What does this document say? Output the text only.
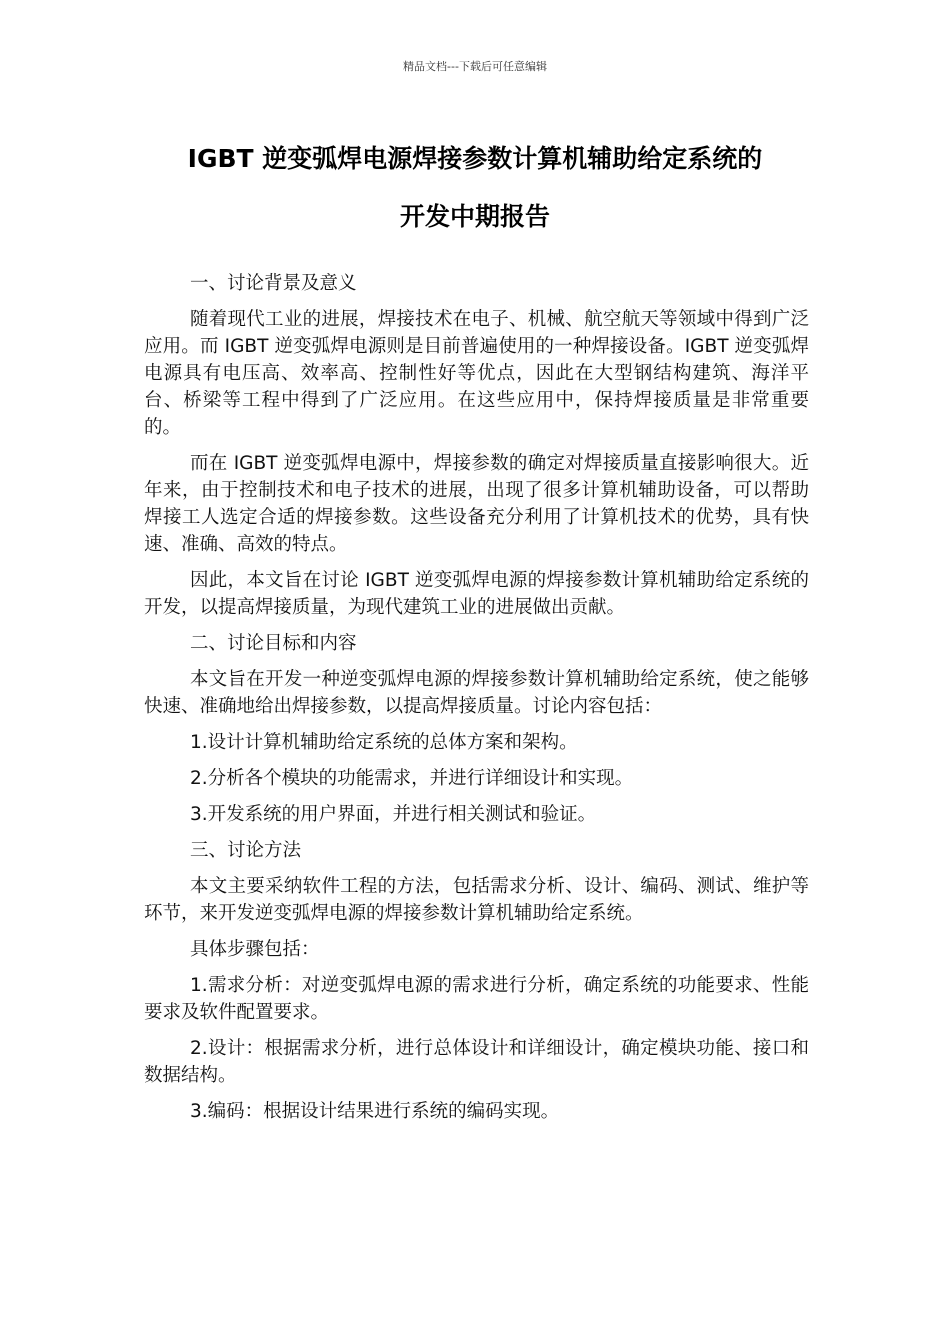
精品文档---下载后可任意编辑
IGBT 逆变弧焊电源焊接参数计算机辅助给定系统的
开发中期报告

一、讨论背景及意义

随着现代工业的进展，焊接技术在电子、机械、航空航天等领域中得到广泛应用。而 IGBT 逆变弧焊电源则是目前普遍使用的一种焊接设备。IGBT 逆变弧焊电源具有电压高、效率高、控制性好等优点，因此在大型钢结构建筑、海洋平台、桥梁等工程中得到了广泛应用。在这些应用中，保持焊接质量是非常重要的。

而在 IGBT 逆变弧焊电源中，焊接参数的确定对焊接质量直接影响很大。近年来，由于控制技术和电子技术的进展，出现了很多计算机辅助设备，可以帮助焊接工人选定合适的焊接参数。这些设备充分利用了计算机技术的优势，具有快速、准确、高效的特点。

因此，本文旨在讨论 IGBT 逆变弧焊电源的焊接参数计算机辅助给定系统的开发，以提高焊接质量，为现代建筑工业的进展做出贡献。

二、讨论目标和内容

本文旨在开发一种逆变弧焊电源的焊接参数计算机辅助给定系统，使之能够快速、准确地给出焊接参数，以提高焊接质量。讨论内容包括：

1.设计计算机辅助给定系统的总体方案和架构。

2.分析各个模块的功能需求，并进行详细设计和实现。

3.开发系统的用户界面，并进行相关测试和验证。

三、讨论方法

本文主要采纳软件工程的方法，包括需求分析、设计、编码、测试、维护等环节，来开发逆变弧焊电源的焊接参数计算机辅助给定系统。

具体步骤包括：

1.需求分析：对逆变弧焊电源的需求进行分析，确定系统的功能要求、性能要求及软件配置要求。

2.设计：根据需求分析，进行总体设计和详细设计，确定模块功能、接口和数据结构。

3.编码：根据设计结果进行系统的编码实现。
